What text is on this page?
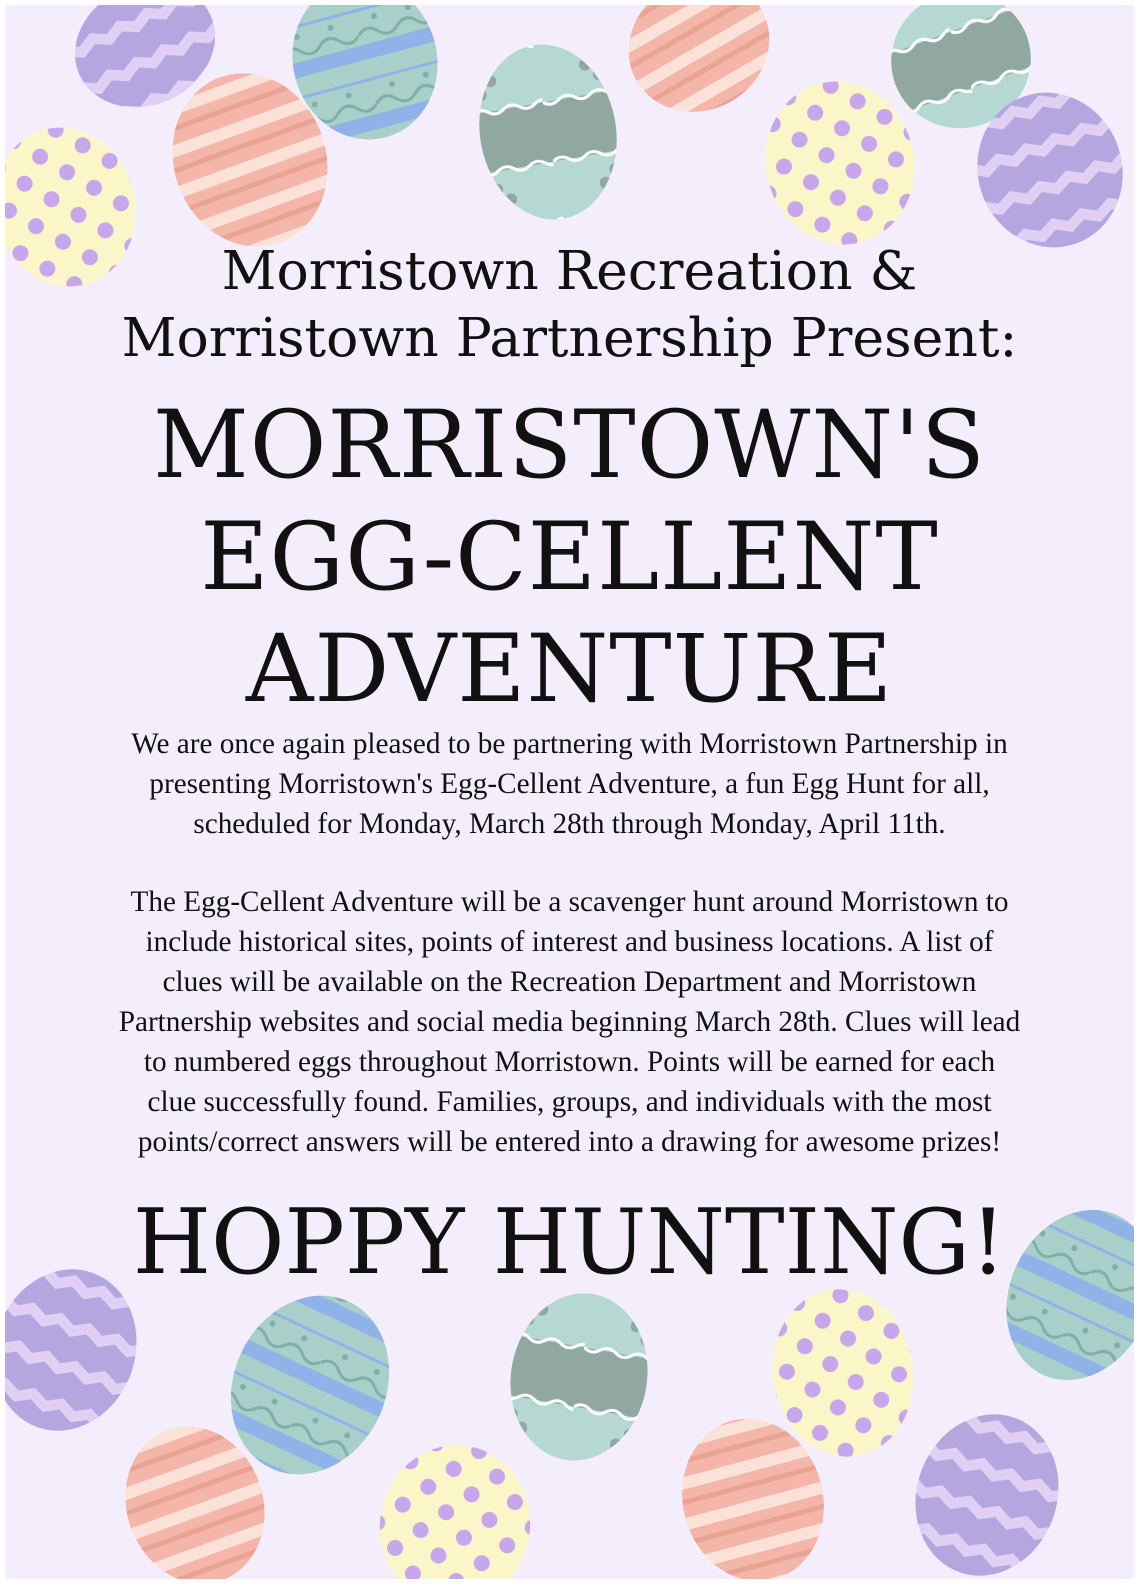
Morristown Recreation &
Morristown Partnership Present:
MORRISTOWN'S
EGG-CELLENT
ADVENTURE
We are once again pleased to be partnering with Morristown Partnership in
presenting Morristown's Egg-Cellent Adventure, a fun Egg Hunt for all,
scheduled for Monday, March 28th through Monday, April 11th.
The Egg-Cellent Adventure will be a scavenger hunt around Morristown to
include historical sites, points of interest and business locations. A list of
clues will be available on the Recreation Department and Morristown
Partnership websites and social media beginning March 28th. Clues will lead
to numbered eggs throughout Morristown. Points will be earned for each
clue successfully found. Families, groups, and individuals with the most
points/correct answers will be entered into a drawing for awesome prizes!
HOPPY HUNTING!
